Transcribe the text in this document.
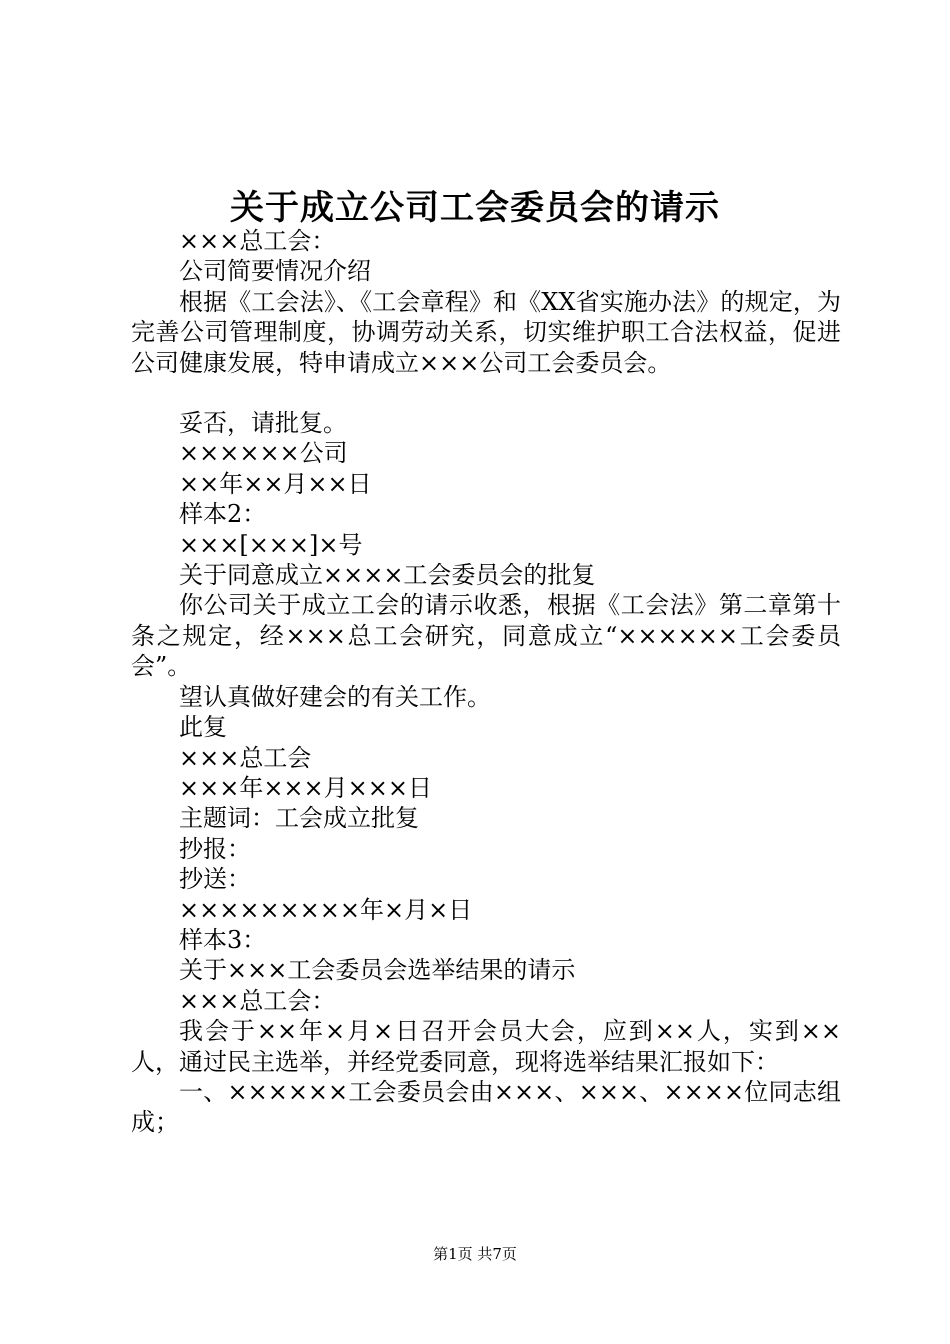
关于成立公司工会委员会的请示

×××总工会：

公司简要情况介绍

根据《工会法》、《工会章程》和《XX省实施办法》的规定，为完善公司管理制度，协调劳动关系，切实维护职工合法权益，促进公司健康发展，特申请成立×××公司工会委员会。

妥否，请批复。

××××××公司

××年××月××日

样本2：

×××[×××]×号

关于同意成立××××工会委员会的批复

你公司关于成立工会的请示收悉，根据《工会法》第二章第十条之规定，经×××总工会研究，同意成立“××××××工会委员会”。

望认真做好建会的有关工作。

此复

×××总工会

×××年×××月×××日

主题词：工会成立批复

抄报：

抄送：

×××××××××年×月×日

样本3：

关于×××工会委员会选举结果的请示

×××总工会：

我会于××年×月×日召开会员大会，应到××人，实到××人，通过民主选举，并经党委同意，现将选举结果汇报如下：

一、××××××工会委员会由×××、×××、××××位同志组成；

第1页 共7页
